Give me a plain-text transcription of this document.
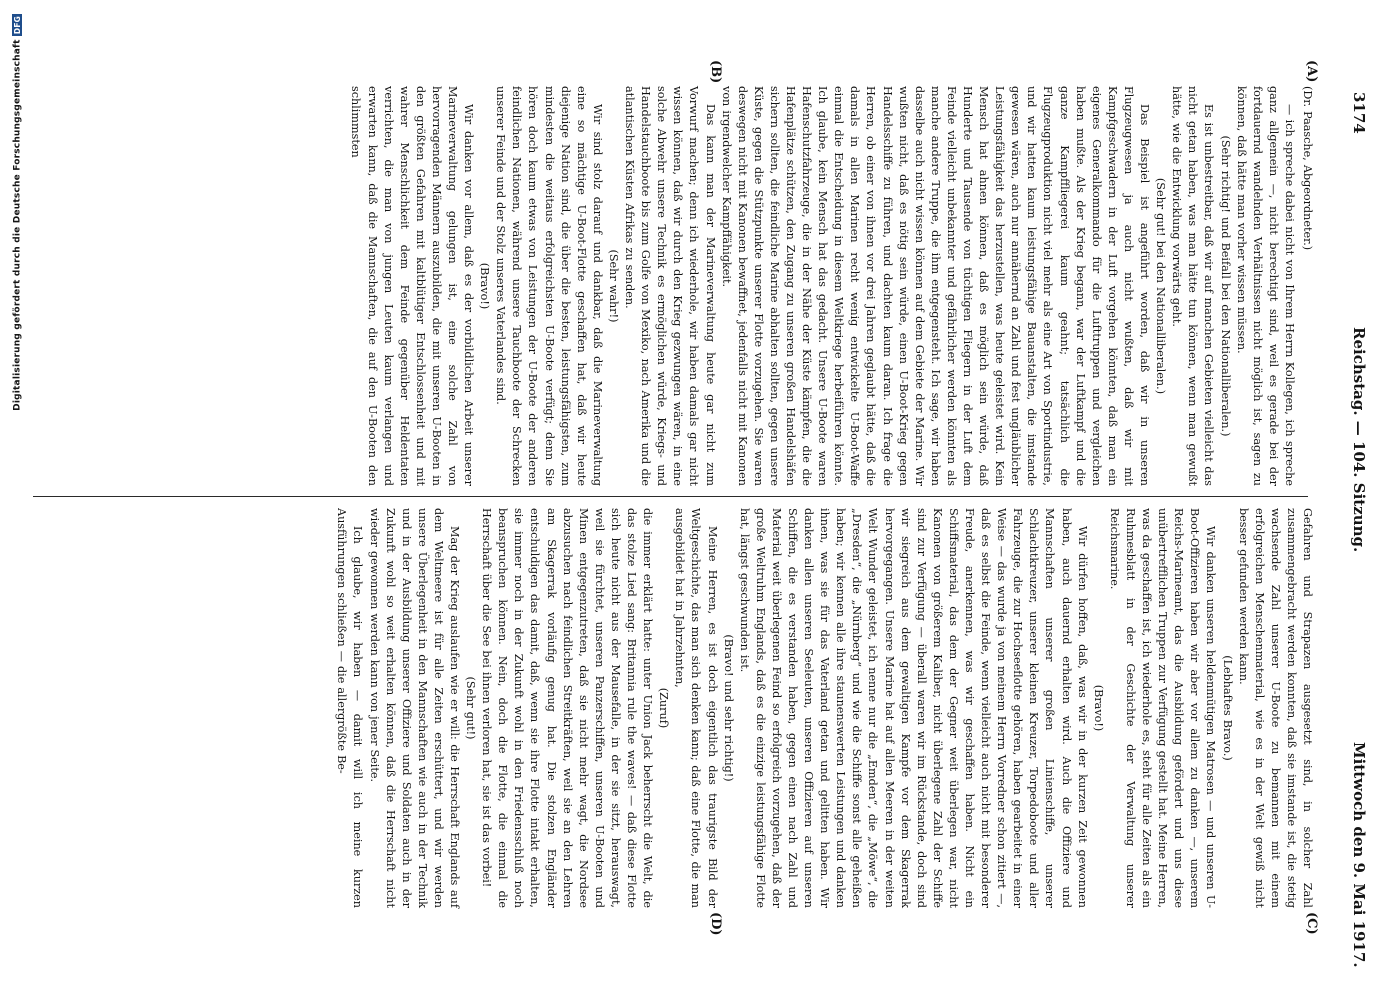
3174
Reichstag. — 104. Sitzung.
Mittwoch den 9. Mai 1917.
(A)
(B)
(C)
(D)

(Dr. Paasche, Abgeordneter.)

— ich spreche dabei nicht von Ihrem Herrn Kollegen, ich spreche ganz allgemein —, nicht berechtigt sind, weil es gerade bei der fortdauernd wandelnden Verhältnissen nicht möglich ist, sagen zu können, daß hätte man vorher wissen müssen.

(Sehr richtig! und Beifall bei den Nationalliberalen.)

Es ist unbestreitbar, daß wir auf manchen Gebieten vielleicht das nicht getan haben, was man hätte tun können, wenn man gewußt hätte, wie die Entwicklung vorwärts geht.

(Sehr gut! bei den Nationalliberalen.)

Das Beispiel ist angeführt worden, daß wir in unseren Flugzeugwesen ja auch nicht wußten, daß wir mit Kampfgeschwadern in der Luft vorgehen könnten, daß man ein eigenes Generalkommando für die Lufttruppen und vergleichen haben mußte. Als der Krieg begann, war der Luftkampf und die ganze Kampffliegerei kaum geahnt; tatsächlich die Flugzeugproduktion nicht viel mehr als eine Art von Sportindustrie, und wir hatten kaum leistungsfähige Bauanstalten, die imstande gewesen wären, auch nur annähernd an Zahl und fest ungläublicher Leistungsfähigkeit das herzustellen, was heute geleistet wird. Kein Mensch hat ahnen können, daß es möglich sein würde, daß Hunderte und Tausende von tüchtigen Fliegern in der Luft dem Feinde vielleicht unbekannter und gefährlicher werden könnten als manche andere Truppe, die ihm entgegensteht. Ich sage, wir haben dasselbe auch nicht wissen können auf dem Gebiete der Marine. Wir wußten nicht, daß es nötig sein würde, einen U-Boot-Krieg gegen Handelsschiffe zu führen, und dachten kaum daran. Ich frage die Herren, ob einer von ihnen vor drei Jahren geglaubt hätte, daß die damals in allen Marinen recht wenig entwickelte U-Boot-Waffe einmal die Entscheidung in diesem Weltkriege herbeiführen könnte. Ich glaube, kein Mensch hat das gedacht. Unsere U-Boote waren Hafenschutzfahrzeuge, die in der Nähe der Küste kämpfen, die die Hafenplätze schützen, den Zugang zu unseren großen Handelshäfen sichern sollten, die feindliche Marine abhalten sollten, gegen unsere Küste, gegen die Stützpunkte unserer Flotte vorzugehen. Sie waren deswegen nicht mit Kanonen bewaffnet, jedenfalls nicht mit Kanonen von irgendwelcher Kampffähigkeit.

Das kann man der Marineverwaltung heute gar nicht zum Vorwurf machen; denn ich wiederhole, wir haben damals gar nicht wissen können, daß wir durch den Krieg gezwungen wären, in eine solche Abwehr unsere Technik es ermöglichen würde, Kriegs- und Handelstauchboote bis zum Golfe von Mexiko, nach Amerika und die atlantischen Küsten Afrikas zu senden.

(Sehr wahr!)

Wir sind stolz darauf und dankbar, daß die Marineverwaltung eine so mächtige U-Boot-Flotte geschaffen hat, daß wir heute diejenige Nation sind, die über die besten, leistungsfähigsten, zum mindesten die weitaus erfolgreichsten U-Boote verfügt; denn Sie hören doch kaum etwas von Leistungen der U-Boote der anderen feindlichen Nationen, während unsere Tauchboote der Schrecken unserer Feinde und der Stolz unseres Vaterlandes sind.

(Bravo!)

Wir danken vor allem, daß es der vorbildlichen Arbeit unserer Marineverwaltung gelungen ist, eine solche Zahl von hervorragenden Männern auszubilden, die mit unseren U-Booten in den größten Gefahren mit kaltblütiger Entschlossenheit und mit wahrer Menschlichkeit dem Feinde gegenüber Heldentaten verrichten, die man von jungen Leuten kaum verlangen und erwarten kann, daß die Mannschaften, die auf den U-Booten den schlimmsten

Gefahren und Strapazen ausgesetzt sind, in solcher Zahl zusammengebracht werden konnten, daß sie imstande ist, die stetig wachsende Zahl unserer U-Boote zu bemannen mit einem erfolgreichen Menschenmaterial, wie es in der Welt gewiß nicht besser gefunden werden kann.

(Lebhaftes Bravo.)

Wir danken unseren heldenmütigen Matrosen — und unseren U-Boot-Offizieren haben wir aber vor allem zu danken —, unserem Reichs-Marineamt, das die Ausbildung gefördert und uns diese unübertrefflichen Truppen zur Verfügung gestellt hat. Meine Herren, was da geschaffen ist, ich wiederhole es, steht für alle Zeiten als ein Ruhmesblatt in der Geschichte der Verwaltung unserer Reichsmarine.

(Bravo!)

Wir dürfen hoffen, daß, was wir in der kurzen Zeit gewonnen haben, auch dauernd erhalten wird. Auch die Offiziere und Mannschaften unserer großen Linienschiffe, unserer Schlachtkreuzer, unserer kleinen Kreuzer, Torpedoboote und aller Fahrzeuge, die zur Hochseeflotte gehören, haben gearbeitet in einer Weise — das wurde ja von meinem Herrn Vorredner schon zitiert —, daß es selbst die Feinde, wenn vielleicht auch nicht mit besonderer Freude, anerkennen, was wir geschaffen haben. Nicht ein Schiffsmaterial, das dem der Gegner weit überlegen war, nicht Kanonen von größerem Kaliber, nicht überlegene Zahl der Schiffe sind zur Verfügung — überall waren wir im Rückstande, doch sind wir siegreich aus dem gewaltigen Kampfe vor dem Skagerrak hervorgegangen. Unsere Marine hat auf allen Meeren in der weiten Welt Wunder geleistet, ich nenne nur die „Emden“, die „Möwe“, die „Dresden“, die „Nürnberg“ und wie die Schiffe sonst alle geheißen haben; wir kennen alle ihre staunenswerten Leistungen und danken ihnen, was sie für das Vaterland getan und gelitten haben. Wir danken allen unseren Seeleuten, unseren Offizieren auf unseren Schiffen, die es verstanden haben, gegen einen nach Zahl und Material weit überlegenen Feind so erfolgreich vorzugehen, daß der große Weltruhm Englands, daß es die einzige leistungsfähige Flotte hat, längst geschwunden ist.

(Bravo! und sehr richtig!)

Meine Herren, es ist doch eigentlich das traurigste Bild der Weltgeschichte, das man sich denken kann; daß eine Flotte, die man ausgebildet hat in Jahrzehnten,

(Zuruf)

die immer erklärt hatte: unter Union Jack beherrscht die Welt, die das stolze Lied sang: Britannia rule the waves! — daß diese Flotte sich heute nicht aus der Mausefalle, in der sie sitzt, herauswagt, weil sie fürchtet, unseren Panzerschiffen, unseren U-Booten und Minen entgegenzutreten, daß sie nicht mehr wagt, die Nordsee abzusuchen nach feindlichen Streitkräften, weil sie an den Lehren am Skagerrak vorläufig genug hat. Die stolzen Engländer entschuldigen das damit, daß, wenn sie ihre Flotte intakt erhalten, sie immer noch in der Zukunft wohl in den Friedensschluß noch beanspruchen können. Nein, doch die Flotte, die einmal die Herrschaft über die See bei ihnen verloren hat, sie ist das vorbei!

(Sehr gut!)

Mag der Krieg auslaufen wie er will: die Herrschaft Englands auf dem Weltmeere ist für alle Zeiten erschüttert, und wir werden unsere Überlegenheit in den Mannschaften wie auch in der Technik und in der Ausbildung unserer Offiziere und Soldaten auch in der Zukunft wohl so weit erhalten können, daß die Herrschaft nicht wieder gewonnen werden kann von jener Seite.

Ich glaube, wir haben — damit will ich meine kurzen Ausführungen schließen — die allergrößte Be-

Digitalisierung gefördert durch die Deutsche Forschungsgemeinschaft
DFG
